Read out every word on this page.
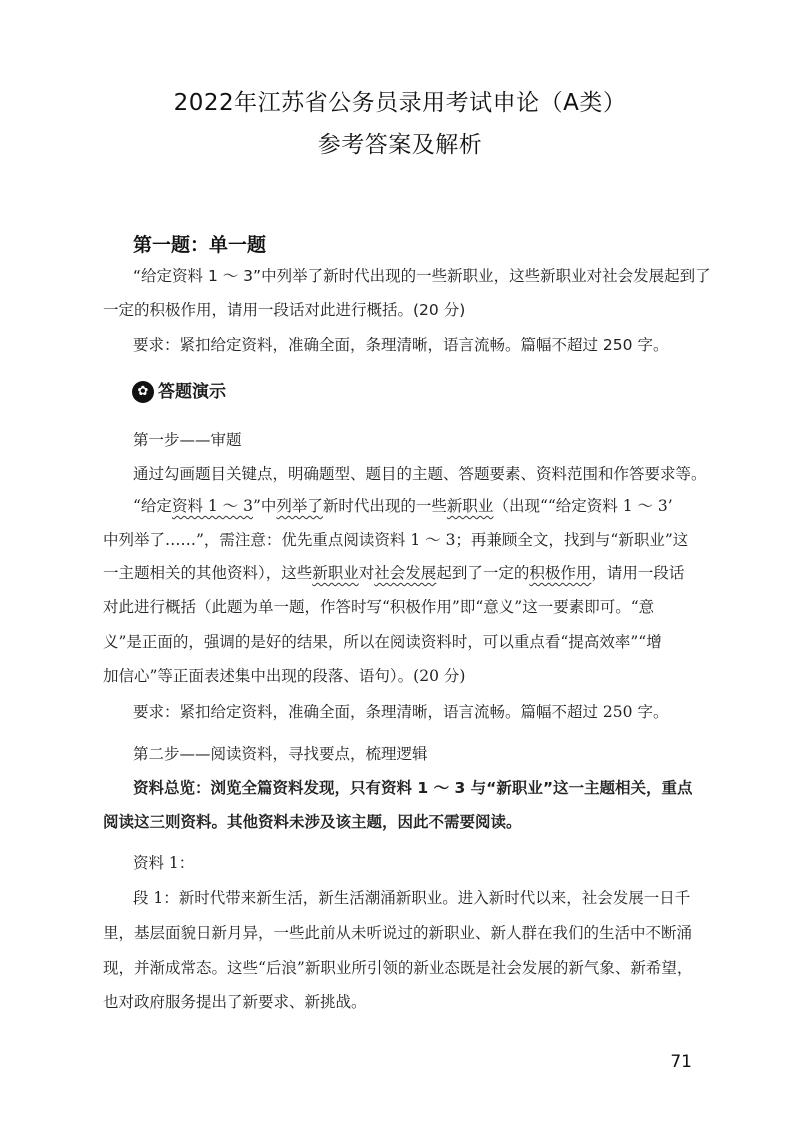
2022年江苏省公务员录用考试申论（A类）
参考答案及解析
第一题：单一题
“给定资料 1 ～ 3”中列举了新时代出现的一些新职业，这些新职业对社会发展起到了
一定的积极作用，请用一段话对此进行概括。(20 分)
要求：紧扣给定资料，准确全面，条理清晰，语言流畅。篇幅不超过 250 字。
✿ 答题演示
第一步——审题
通过勾画题目关键点，明确题型、题目的主题、答题要素、资料范围和作答要求等。
“给定资料 1 ～ 3”中列举了新时代出现的一些新职业（出现““给定资料 1 ～ 3’
中列举了……”，需注意：优先重点阅读资料 1 ～ 3；再兼顾全文，找到与“新职业”这
一主题相关的其他资料），这些新职业对社会发展起到了一定的积极作用，请用一段话
对此进行概括（此题为单一题，作答时写“积极作用”即“意义”这一要素即可。“意
义”是正面的，强调的是好的结果，所以在阅读资料时，可以重点看“提高效率”“增
加信心”等正面表述集中出现的段落、语句）。(20 分)
要求：紧扣给定资料，准确全面，条理清晰，语言流畅。篇幅不超过 250 字。
第二步——阅读资料，寻找要点，梳理逻辑
资料总览：浏览全篇资料发现，只有资料 1 ～ 3 与“新职业”这一主题相关，重点
阅读这三则资料。其他资料未涉及该主题，因此不需要阅读。
资料 1：
段 1：新时代带来新生活，新生活潮涌新职业。进入新时代以来，社会发展一日千
里，基层面貌日新月异，一些此前从未听说过的新职业、新人群在我们的生活中不断涌
现，并渐成常态。这些“后浪”新职业所引领的新业态既是社会发展的新气象、新希望，
也对政府服务提出了新要求、新挑战。
71
